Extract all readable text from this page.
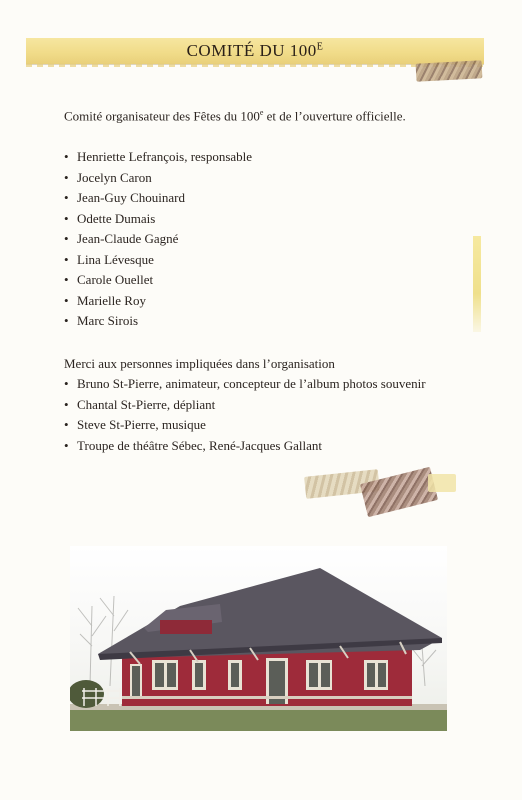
COMITÉ DU $100^E$
Comité organisateur des Fêtes du 100e et de l’ouverture officielle.
• Henriette Lefrançois, responsable
• Jocelyn Caron
• Jean-Guy Chouinard
• Odette Dumais
• Jean-Claude Gagné
• Lina Lévesque
• Carole Ouellet
• Marielle Roy
• Marc Sirois
Merci aux personnes impliquées dans l’organisation
• Bruno St-Pierre, animateur, concepteur de l’album photos souvenir
• Chantal St-Pierre, dépliant
• Steve St-Pierre, musique
• Troupe de théâtre Sébec, René-Jacques Gallant
